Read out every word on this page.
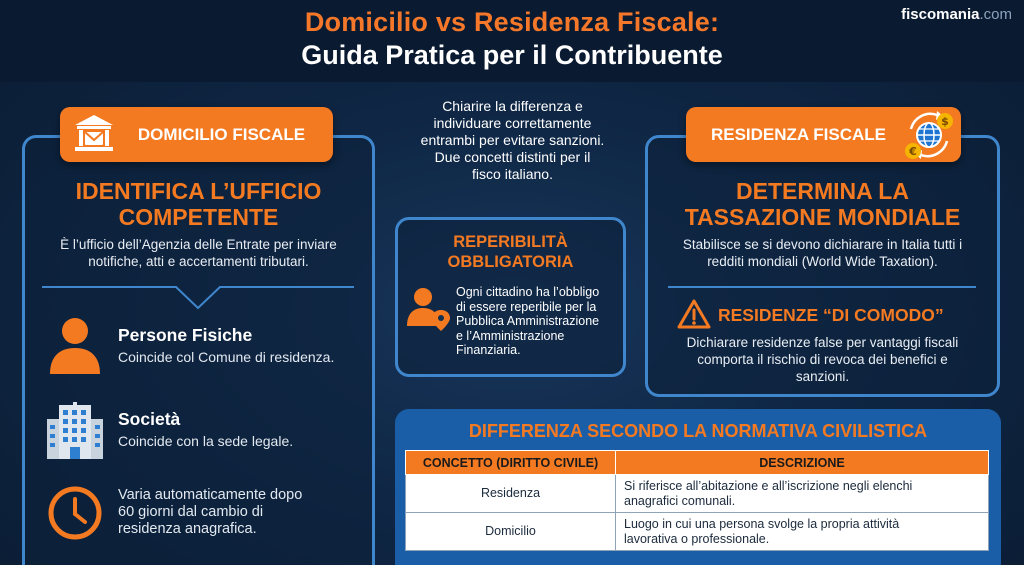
Domicilio vs Residenza Fiscale:
Guida Pratica per il Contribuente
fiscomania.com
DOMICILIO FISCALE
IDENTIFICA L’UFFICIO
COMPETENTE
È l’ufficio dell’Agenzia delle Entrate per inviare
notifiche, atti e accertamenti tributari.
Persone Fisiche
Coincide col Comune di residenza.
Società
Coincide con la sede legale.
Varia automaticamente dopo
60 giorni dal cambio di
residenza anagrafica.
Chiarire la differenza e
individuare correttamente
entrambi per evitare sanzioni.
Due concetti distinti per il
fisco italiano.
REPERIBILITÀ
OBBLIGATORIA
Ogni cittadino ha l’obbligo
di essere reperibile per la
Pubblica Amministrazione
e l’Amministrazione
Finanziaria.
RESIDENZA FISCALE
$
€
DETERMINA LA
TASSAZIONE MONDIALE
Stabilisce se si devono dichiarare in Italia tutti i
redditi mondiali (World Wide Taxation).
RESIDENZE “DI COMODO”
Dichiarare residenze false per vantaggi fiscali
comporta il rischio di revoca dei benefici e
sanzioni.
DIFFERENZA SECONDO LA NORMATIVA CIVILISTICA
CONCETTO (DIRITTO CIVILE)	DESCRIZIONE
Residenza	Si riferisce all’abitazione e all’iscrizione negli elenchi
anagrafici comunali.

Domicilio	Luogo in cui una persona svolge la propria attività
lavorativa o professionale.
